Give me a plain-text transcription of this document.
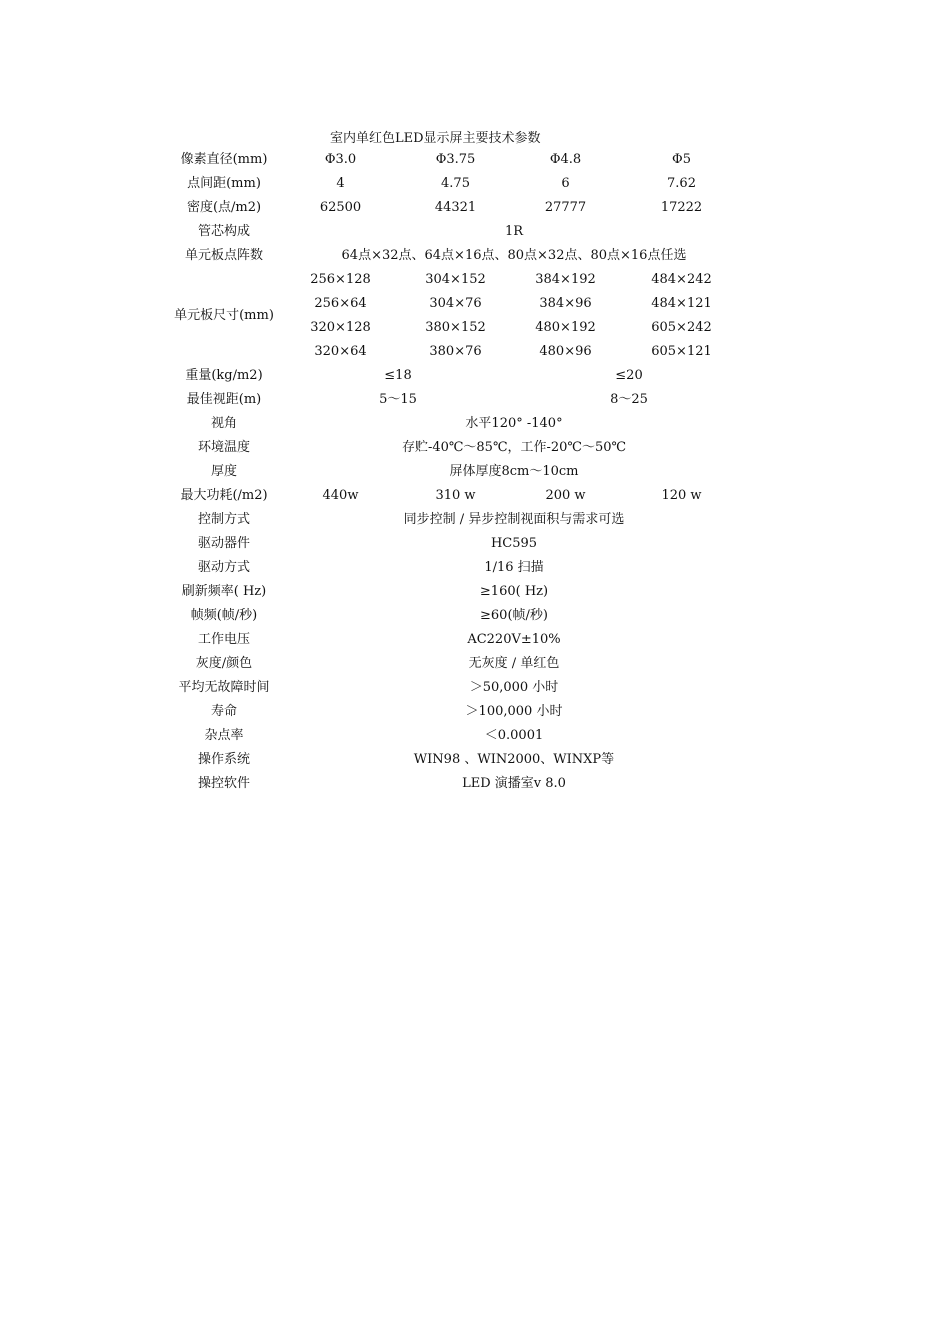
室内单红色LED显示屏主要技术参数
像素直径(mm)	Φ3.0	Φ3.75	Φ4.8	Φ5
点间距(mm)	4	4.75	6	7.62
密度(点/m2)	62500	44321	27777	17222
管芯构成	1R			
单元板点阵数	64点×32点、64点×16点、80点×32点、80点×16点任选			
单元板尺寸(mm)	256×128	304×152	384×192	484×242
	256×64	304×76	384×96	484×121
	320×128	380×152	480×192	605×242
	320×64	380×76	480×96	605×121
重量(kg/m2)	≤18		≤20	
最佳视距(m)	5～15		8～25	
视角	水平120° -140°			
环境温度	存贮-40℃～85℃，工作-20℃～50℃			
厚度	屏体厚度8cm～10cm			
最大功耗(/m2)	440w	310 w	200 w	120 w
控制方式	同步控制 / 异步控制视面积与需求可选			
驱动器件	HC595			
驱动方式	1/16 扫描			
刷新频率( Hz)	≥160( Hz)			
帧频(帧/秒)	≥60(帧/秒)			
工作电压	AC220V±10%			
灰度/颜色	无灰度 / 单红色			
平均无故障时间	＞50,000 小时			
寿命	＞100,000 小时			
杂点率	＜0.0001			
操作系统	WIN98 、WIN2000、WINXP等			
操控软件	LED 演播室v 8.0			
